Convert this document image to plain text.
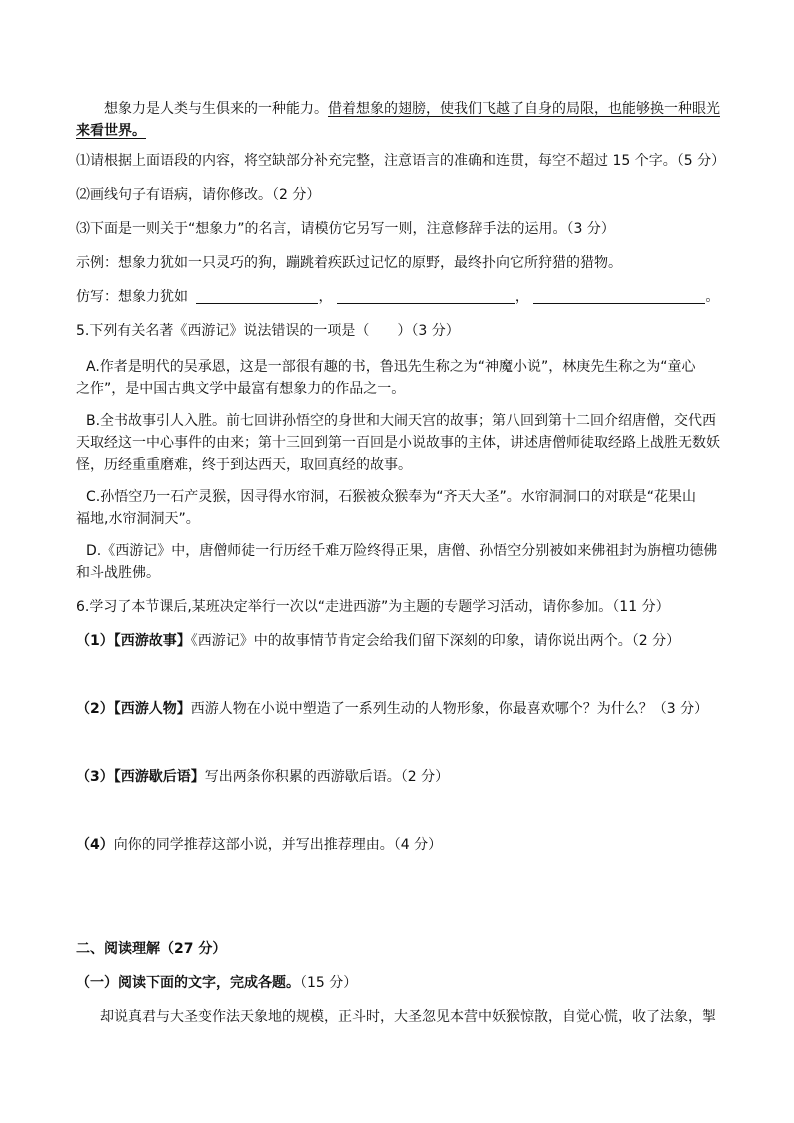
想象力是人类与生俱来的一种能力。借着想象的翅膀，使我们飞越了自身的局限，也能够换一种眼光
来看世界。
⑴请根据上面语段的内容，将空缺部分补充完整，注意语言的准确和连贯，每空不超过 15 个字。（5 分）
⑵画线句子有语病，请你修改。（2 分）
⑶下面是一则关于“想象力”的名言，请模仿它另写一则，注意修辞手法的运用。（3 分）
示例：想象力犹如一只灵巧的狗，蹦跳着疾跃过记忆的原野，最终扑向它所狩猎的猎物。
仿写：想象力犹如	，	，	。
5.下列有关名著《西游记》说法错误的一项是（　　）（3 分）
A.作者是明代的吴承恩，这是一部很有趣的书，鲁迅先生称之为“神魔小说”，林庚先生称之为“童心
之作”，是中国古典文学中最富有想象力的作品之一。
B.全书故事引人入胜。前七回讲孙悟空的身世和大闹天宫的故事；第八回到第十二回介绍唐僧，交代西
天取经这一中心事件的由来；第十三回到第一百回是小说故事的主体，讲述唐僧师徒取经路上战胜无数妖
怪，历经重重磨难，终于到达西天，取回真经的故事。
C.孙悟空乃一石产灵猴，因寻得水帘洞，石猴被众猴奉为“齐天大圣”。水帘洞洞口的对联是“花果山
福地,水帘洞洞天”。
D.《西游记》中，唐僧师徒一行历经千难万险终得正果，唐僧、孙悟空分别被如来佛祖封为旃檀功德佛
和斗战胜佛。
6.学习了本节课后,某班决定举行一次以“走进西游”为主题的专题学习活动，请你参加。（11 分）
（1）【西游故事】《西游记》中的故事情节肯定会给我们留下深刻的印象，请你说出两个。（2 分）
（2）【西游人物】西游人物在小说中塑造了一系列生动的人物形象，你最喜欢哪个？为什么？（3 分）
（3）【西游歇后语】写出两条你积累的西游歇后语。（2 分）
（4）向你的同学推荐这部小说，并写出推荐理由。（4 分）
二、阅读理解（27 分）
（一）阅读下面的文字，完成各题。（15 分）
却说真君与大圣变作法天象地的规模，正斗时，大圣忽见本营中妖猴惊散，自觉心慌，收了法象，掣
